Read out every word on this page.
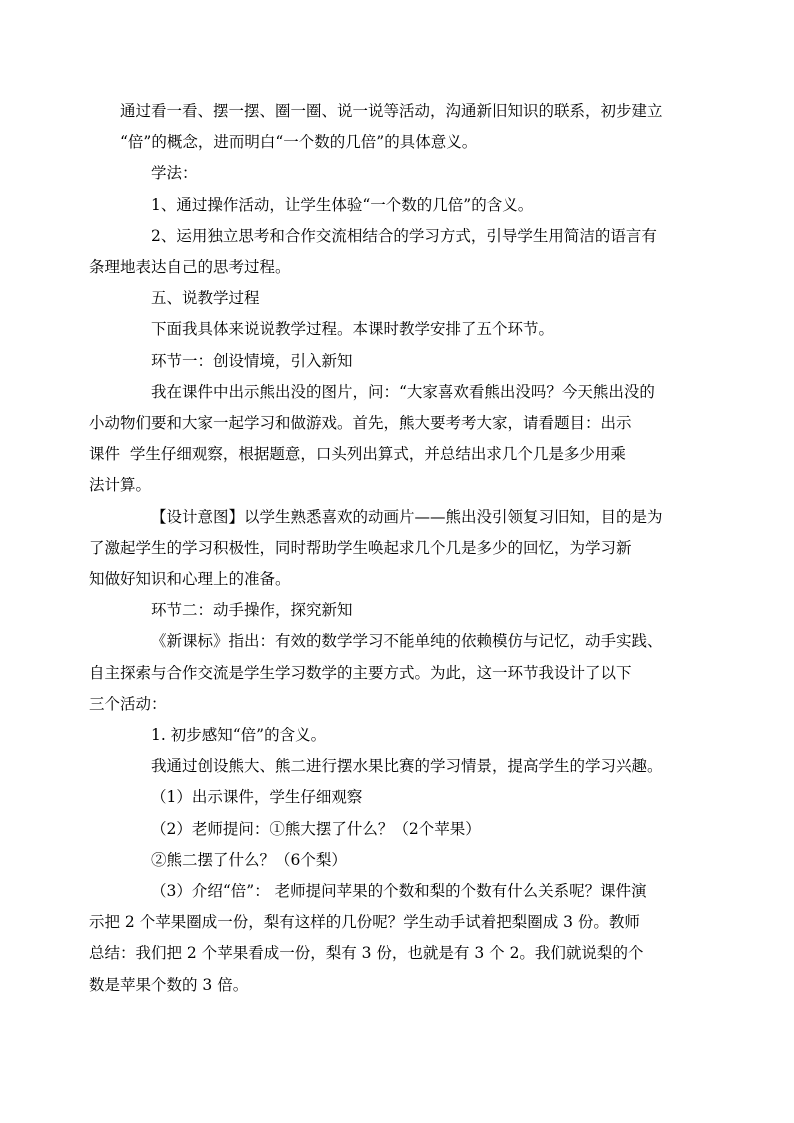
通过看一看、摆一摆、圈一圈、说一说等活动，沟通新旧知识的联系，初步建立
“倍”的概念，进而明白“一个数的几倍”的具体意义。

学法：

1、通过操作活动，让学生体验“一个数的几倍”的含义。

2、运用独立思考和合作交流相结合的学习方式，引导学生用简洁的语言有
条理地表达自己的思考过程。

五、说教学过程

下面我具体来说说教学过程。本课时教学安排了五个环节。

环节一：创设情境，引入新知

我在课件中出示熊出没的图片，问：“大家喜欢看熊出没吗？今天熊出没的
小动物们要和大家一起学习和做游戏。首先，熊大要考考大家，请看题目：出示
课件  学生仔细观察，根据题意，口头列出算式，并总结出求几个几是多少用乘
法计算。

【设计意图】以学生熟悉喜欢的动画片——熊出没引领复习旧知，目的是为
了激起学生的学习积极性，同时帮助学生唤起求几个几是多少的回忆，为学习新
知做好知识和心理上的准备。

环节二：动手操作，探究新知

《新课标》指出：有效的数学学习不能单纯的依赖模仿与记忆，动手实践、
自主探索与合作交流是学生学习数学的主要方式。为此，这一环节我设计了以下
三个活动：

1. 初步感知“倍”的含义。

我通过创设熊大、熊二进行摆水果比赛的学习情景，提高学生的学习兴趣。

（1）出示课件，学生仔细观察

（2）老师提问：①熊大摆了什么？（2个苹果）

②熊二摆了什么？（6个梨）

（3）介绍“倍”： 老师提问苹果的个数和梨的个数有什么关系呢？课件演
示把 2 个苹果圈成一份，梨有这样的几份呢？学生动手试着把梨圈成 3 份。教师
总结：我们把 2 个苹果看成一份，梨有 3 份，也就是有 3 个 2。我们就说梨的个
数是苹果个数的 3 倍。
